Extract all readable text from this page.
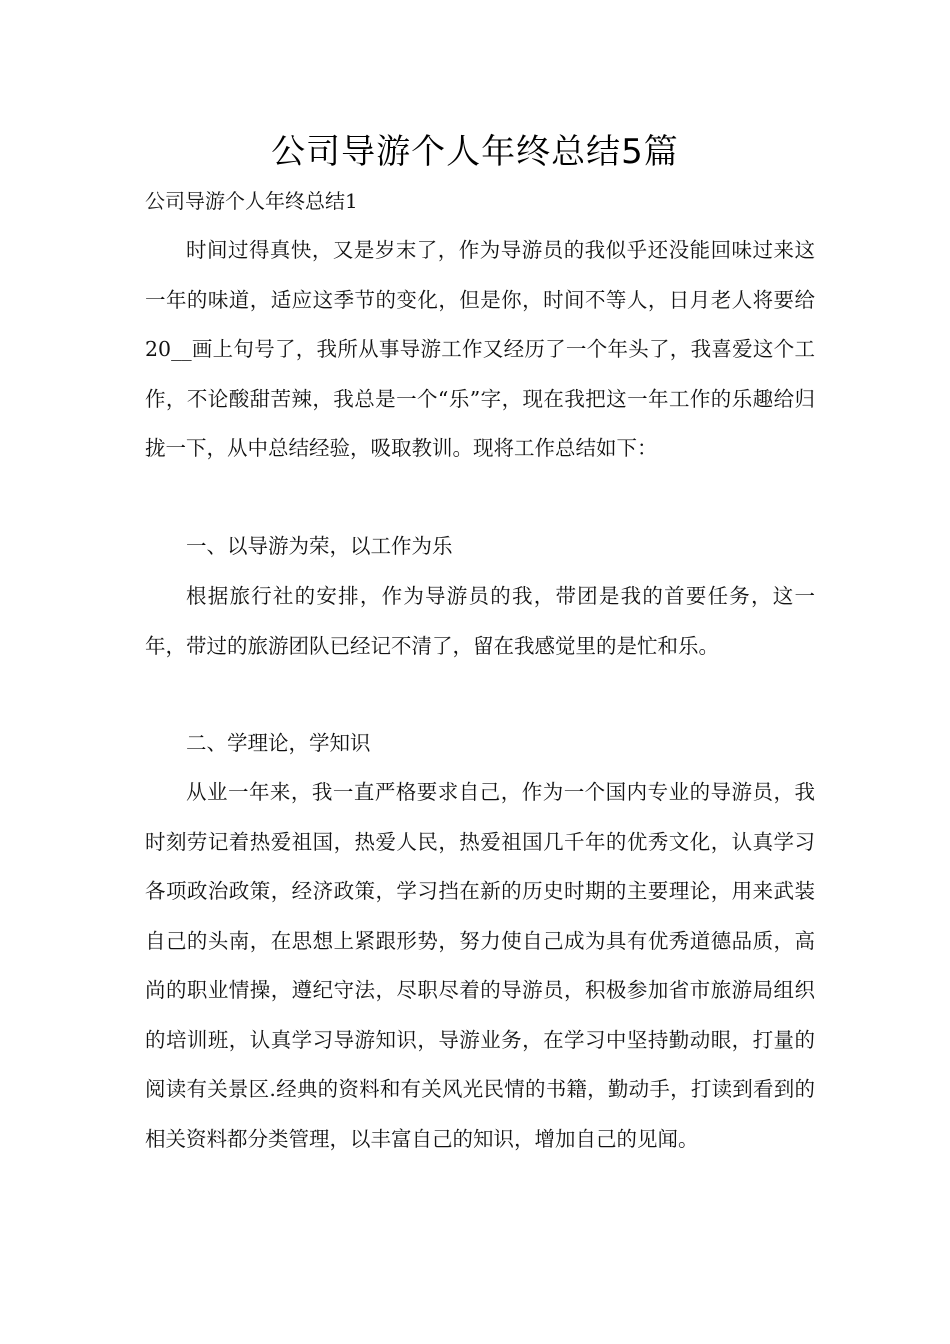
公司导游个人年终总结5篇
公司导游个人年终总结1

时间过得真快，又是岁末了，作为导游员的我似乎还没能回味过来这一年的味道，适应这季节的变化，但是你，时间不等人，日月老人将要给20__画上句号了，我所从事导游工作又经历了一个年头了，我喜爱这个工作，不论酸甜苦辣，我总是一个“乐”字，现在我把这一年工作的乐趣给归拢一下，从中总结经验，吸取教训。现将工作总结如下：

一、以导游为荣，以工作为乐

根据旅行社的安排，作为导游员的我，带团是我的首要任务，这一年，带过的旅游团队已经记不清了，留在我感觉里的是忙和乐。

二、学理论，学知识

从业一年来，我一直严格要求自己，作为一个国内专业的导游员，我时刻劳记着热爱祖国，热爱人民，热爱祖国几千年的优秀文化，认真学习各项政治政策，经济政策，学习挡在新的历史时期的主要理论，用来武装自己的头南，在思想上紧跟形势，努力使自己成为具有优秀道德品质，高尚的职业情操，遵纪守法，尽职尽着的导游员，积极参加省市旅游局组织的培训班，认真学习导游知识，导游业务，在学习中坚持勤动眼，打量的阅读有关景区.经典的资料和有关风光民情的书籍，勤动手，打读到看到的相关资料都分类管理，以丰富自己的知识，增加自己的见闻。
